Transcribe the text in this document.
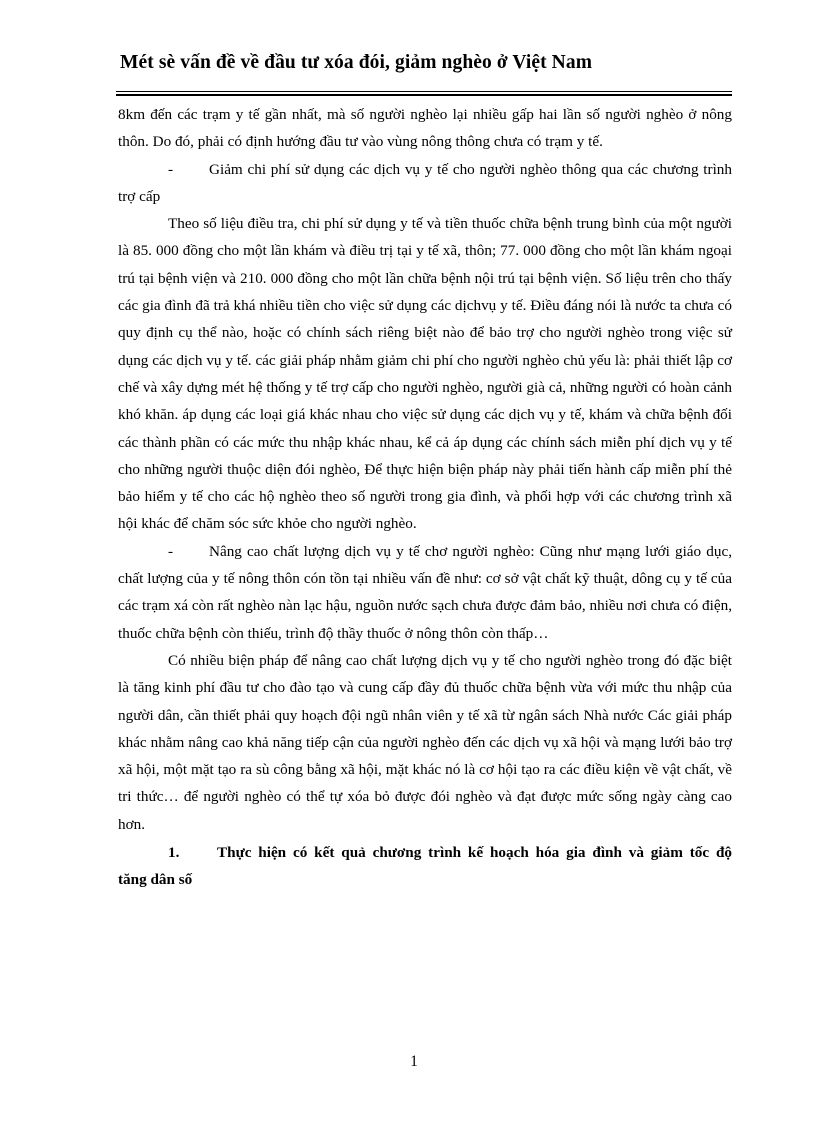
Mét sè vấn đề về đầu tư xóa đói, giảm nghèo ở Việt Nam

8km đến các trạm y tế gần nhất, mà số người nghèo lại nhiều gấp hai lần số người nghèo ở nông thôn. Do đó, phải có định hướng đầu tư vào vùng nông thông chưa có trạm y tế.

- Giảm chi phí sử dụng các dịch vụ y tế cho người nghèo thông qua các chương trình trợ cấp

Theo số liệu điều tra, chi phí sử dụng y tế và tiền thuốc chữa bệnh trung bình của một người là 85. 000 đồng cho một lần khám và điều trị tại y tế xã, thôn; 77. 000 đồng cho một lần khám ngoại trú tại bệnh viện và 210. 000 đồng cho một lần chữa bệnh nội trú tại bệnh viện. Số liệu trên cho thấy các gia đình đã trả khá nhiều tiền cho việc sử dụng các dịchvụ y tế. Điều đáng nói là nước ta chưa có quy định cụ thể nào, hoặc có chính sách riêng biệt nào để bảo trợ cho người nghèo trong việc sử dụng các dịch vụ y tế. các giải pháp nhằm giảm chi phí cho người nghèo chủ yếu là: phải thiết lập cơ chế và xây dựng mét hệ thống y tế trợ cấp cho người nghèo, người già cả, những người có hoàn cảnh khó khăn. áp dụng các loại giá khác nhau cho việc sử dụng các dịch vụ y tế, khám và chữa bệnh đối các thành phần có các mức thu nhập khác nhau, kể cả áp dụng các chính sách miễn phí dịch vụ y tế cho những người thuộc diện đói nghèo, Để thực hiện biện pháp này phải tiến hành cấp miễn phí thẻ bảo hiểm y tế cho các hộ nghèo theo số người trong gia đình, và phối hợp với các chương trình xã hội khác để chăm sóc sức khỏe cho người nghèo.

- Nâng cao chất lượng dịch vụ y tế chơ người nghèo: Cũng như mạng lưới giáo dục, chất lượng của y tế nông thôn cón tồn tại nhiều vấn đề như: cơ sở vật chất kỹ thuật, dông cụ y tế của các trạm xá còn rất nghèo nàn lạc hậu, nguồn nước sạch chưa được đảm bảo, nhiều nơi chưa có điện, thuốc chữa bệnh còn thiếu, trình độ thầy thuốc ở nông thôn còn thấp…

Có nhiều biện pháp để nâng cao chất lượng dịch vụ y tế cho người nghèo trong đó đặc biệt là tăng kinh phí đầu tư cho đào tạo và cung cấp đầy đủ thuốc chữa bệnh vừa với mức thu nhập của người dân, cần thiết phải quy hoạch đội ngũ nhân viên y tế xã từ ngân sách Nhà nước Các giải pháp khác nhằm nâng cao khả năng tiếp cận của người nghèo đến các dịch vụ xã hội và mạng lưới bảo trợ xã hội, một mặt tạo ra sù công bằng xã hội, mặt khác nó là cơ hội tạo ra các điều kiện về vật chất, về tri thức… để người nghèo có thể tự xóa bỏ được đói nghèo và đạt được mức sống ngày càng cao hơn.

1.	Thực hiện có kết quả chương trình kế hoạch hóa gia đình và giảm tốc độ

tăng dân số

1
